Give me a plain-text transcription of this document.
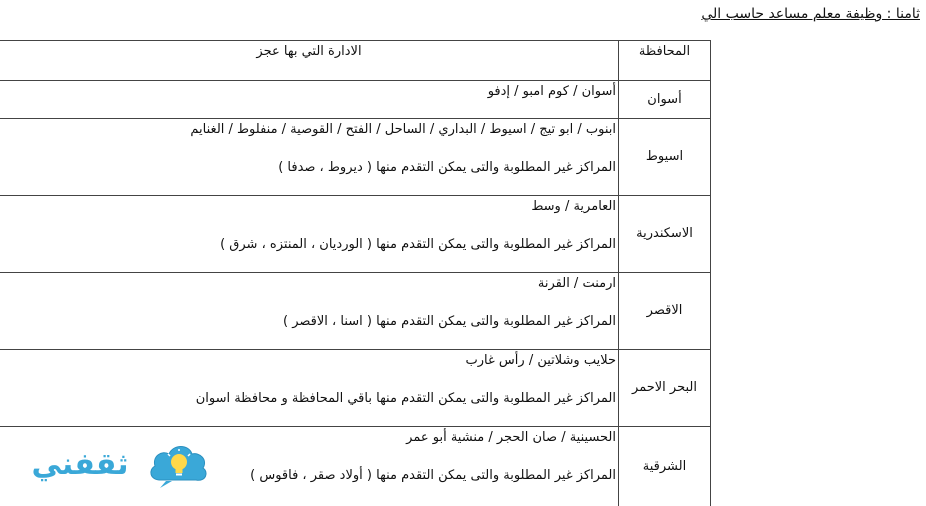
ثامنا : وظيفة معلم مساعد حاسب الي
المحافظة	الادارة التي بها عجز
أسوان	أسوان / كوم امبو / إدفو

اسيوط	ابنوب / ابو تيج / اسيوط / البداري / الساحل / الفتح / القوصية / منفلوط / الغنايم
المراكز غير المطلوبة والتى يمكن التقدم منها ( ديروط ، صدفا )

الاسكندرية	العامرية / وسط
المراكز غير المطلوبة والتى يمكن التقدم منها ( الورديان ، المنتزه ، شرق )

الاقصر	ارمنت / القرنة
المراكز غير المطلوبة والتى يمكن التقدم منها ( اسنا ، الاقصر )

البحر الاحمر	حلايب وشلاتين / رأس غارب
المراكز غير المطلوبة والتى يمكن التقدم منها باقي المحافظة و محافظة اسوان

الشرقية	الحسينية / صان الحجر / منشية أبو عمر
المراكز غير المطلوبة والتى يمكن التقدم منها ( أولاد صقر ، فاقوس )
ثقفني
